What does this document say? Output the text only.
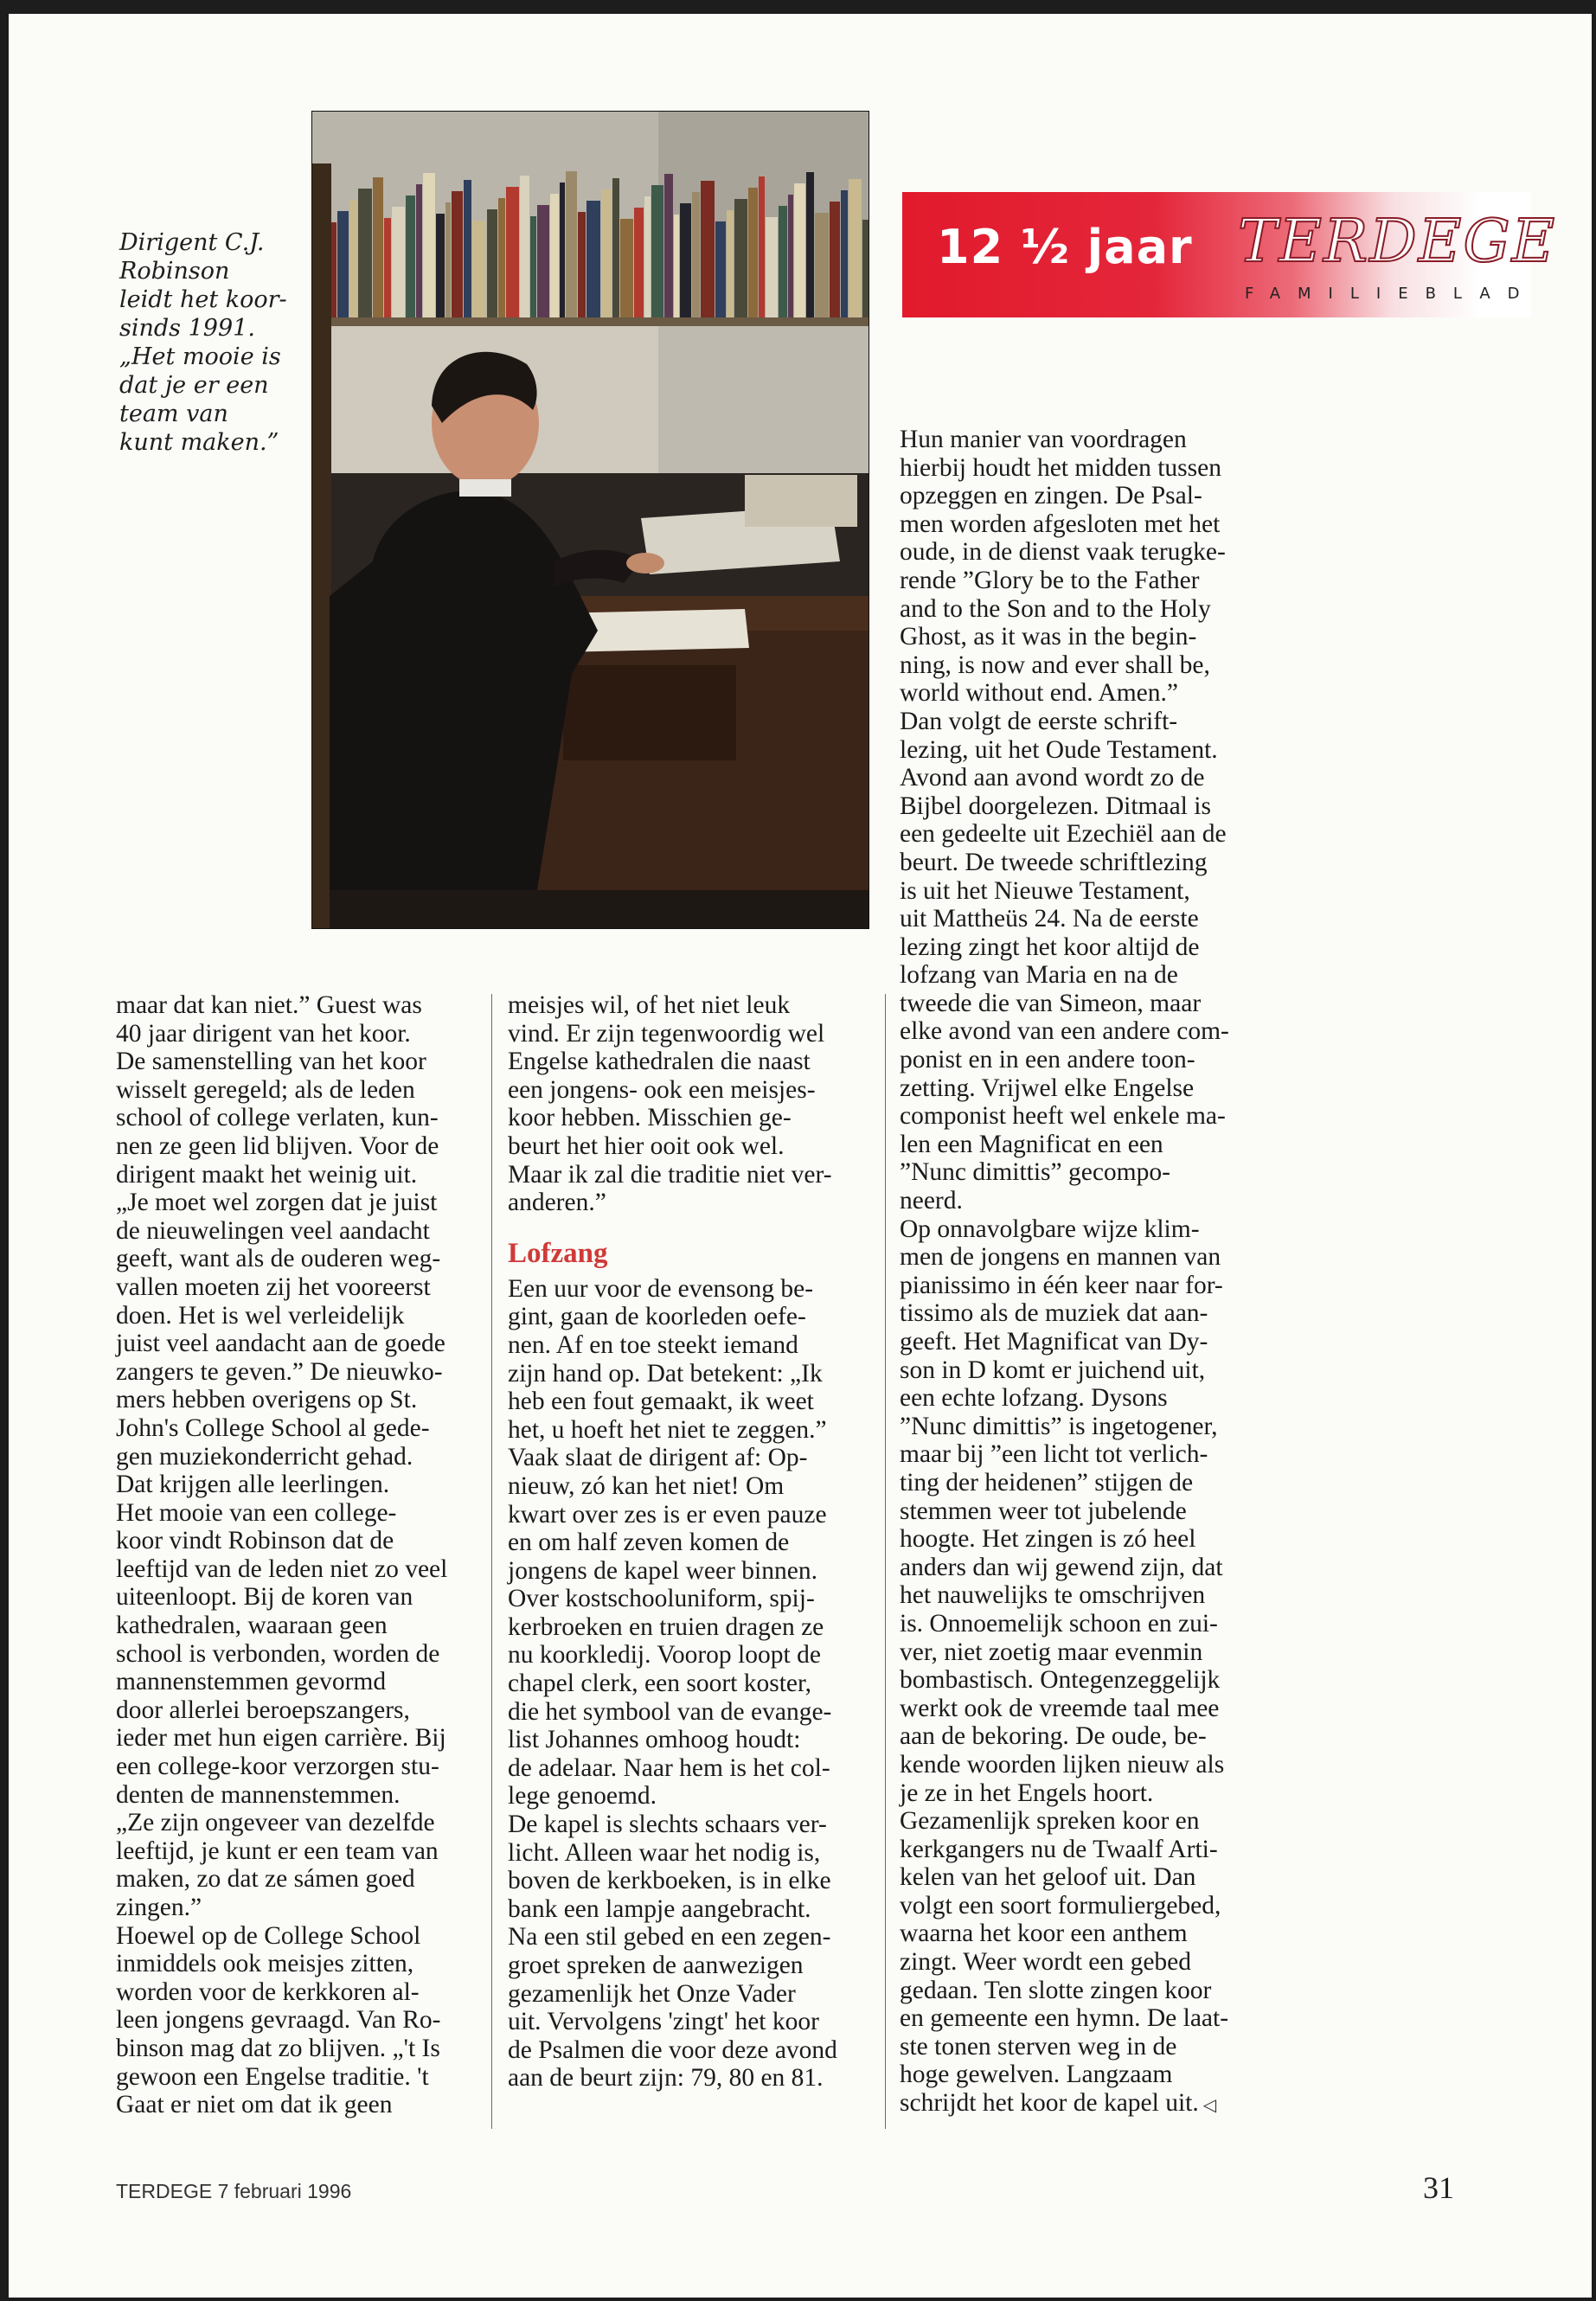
Dirigent C.J.
Robinson
leidt het koor-
sinds 1991.
„Het mooie is
dat je er een
team van
kunt maken.”
12 ½ jaar TERDEGE
FAMILIEBLAD
maar dat kan niet.” Guest was
40 jaar dirigent van het koor.
De samenstelling van het koor
wisselt geregeld; als de leden
school of college verlaten, kun-
nen ze geen lid blijven. Voor de
dirigent maakt het weinig uit.
„Je moet wel zorgen dat je juist
de nieuwelingen veel aandacht
geeft, want als de ouderen weg-
vallen moeten zij het vooreerst
doen. Het is wel verleidelijk
juist veel aandacht aan de goede
zangers te geven.” De nieuwko-
mers hebben overigens op St.
John's College School al gede-
gen muziekonderricht gehad.
Dat krijgen alle leerlingen.
Het mooie van een college-
koor vindt Robinson dat de
leeftijd van de leden niet zo veel
uiteenloopt. Bij de koren van
kathedralen, waaraan geen
school is verbonden, worden de
mannenstemmen gevormd
door allerlei beroepszangers,
ieder met hun eigen carrière. Bij
een college-koor verzorgen stu-
denten de mannenstemmen.
„Ze zijn ongeveer van dezelfde
leeftijd, je kunt er een team van
maken, zo dat ze sámen goed
zingen.”
Hoewel op de College School
inmiddels ook meisjes zitten,
worden voor de kerkkoren al-
leen jongens gevraagd. Van Ro-
binson mag dat zo blijven. „'t Is
gewoon een Engelse traditie. 't
Gaat er niet om dat ik geen
meisjes wil, of het niet leuk
vind. Er zijn tegenwoordig wel
Engelse kathedralen die naast
een jongens- ook een meisjes-
koor hebben. Misschien ge-
beurt het hier ooit ook wel.
Maar ik zal die traditie niet ver-
anderen.”
Lofzang
Een uur voor de evensong be-
gint, gaan de koorleden oefe-
nen. Af en toe steekt iemand
zijn hand op. Dat betekent: „Ik
heb een fout gemaakt, ik weet
het, u hoeft het niet te zeggen.”
Vaak slaat de dirigent af: Op-
nieuw, zó kan het niet! Om
kwart over zes is er even pauze
en om half zeven komen de
jongens de kapel weer binnen.
Over kostschooluniform, spij-
kerbroeken en truien dragen ze
nu koorkledij. Voorop loopt de
chapel clerk, een soort koster,
die het symbool van de evange-
list Johannes omhoog houdt:
de adelaar. Naar hem is het col-
lege genoemd.
De kapel is slechts schaars ver-
licht. Alleen waar het nodig is,
boven de kerkboeken, is in elke
bank een lampje aangebracht.
Na een stil gebed en een zegen-
groet spreken de aanwezigen
gezamenlijk het Onze Vader
uit. Vervolgens 'zingt' het koor
de Psalmen die voor deze avond
aan de beurt zijn: 79, 80 en 81.
Hun manier van voordragen
hierbij houdt het midden tussen
opzeggen en zingen. De Psal-
men worden afgesloten met het
oude, in de dienst vaak terugke-
rende ”Glory be to the Father
and to the Son and to the Holy
Ghost, as it was in the begin-
ning, is now and ever shall be,
world without end. Amen.”
Dan volgt de eerste schrift-
lezing, uit het Oude Testament.
Avond aan avond wordt zo de
Bijbel doorgelezen. Ditmaal is
een gedeelte uit Ezechiël aan de
beurt. De tweede schriftlezing
is uit het Nieuwe Testament,
uit Mattheüs 24. Na de eerste
lezing zingt het koor altijd de
lofzang van Maria en na de
tweede die van Simeon, maar
elke avond van een andere com-
ponist en in een andere toon-
zetting. Vrijwel elke Engelse
componist heeft wel enkele ma-
len een Magnificat en een
”Nunc dimittis” gecompo-
neerd.
Op onnavolgbare wijze klim-
men de jongens en mannen van
pianissimo in één keer naar for-
tissimo als de muziek dat aan-
geeft. Het Magnificat van Dy-
son in D komt er juichend uit,
een echte lofzang. Dysons
”Nunc dimittis” is ingetogener,
maar bij ”een licht tot verlich-
ting der heidenen” stijgen de
stemmen weer tot jubelende
hoogte. Het zingen is zó heel
anders dan wij gewend zijn, dat
het nauwelijks te omschrijven
is. Onnoemelijk schoon en zui-
ver, niet zoetig maar evenmin
bombastisch. Ontegenzeggelijk
werkt ook de vreemde taal mee
aan de bekoring. De oude, be-
kende woorden lijken nieuw als
je ze in het Engels hoort.
Gezamenlijk spreken koor en
kerkgangers nu de Twaalf Arti-
kelen van het geloof uit. Dan
volgt een soort formuliergebed,
waarna het koor een anthem
zingt. Weer wordt een gebed
gedaan. Ten slotte zingen koor
en gemeente een hymn. De laat-
ste tonen sterven weg in de
hoge gewelven. Langzaam
schrijdt het koor de kapel uit. ◁
TERDEGE 7 februari 1996	31
